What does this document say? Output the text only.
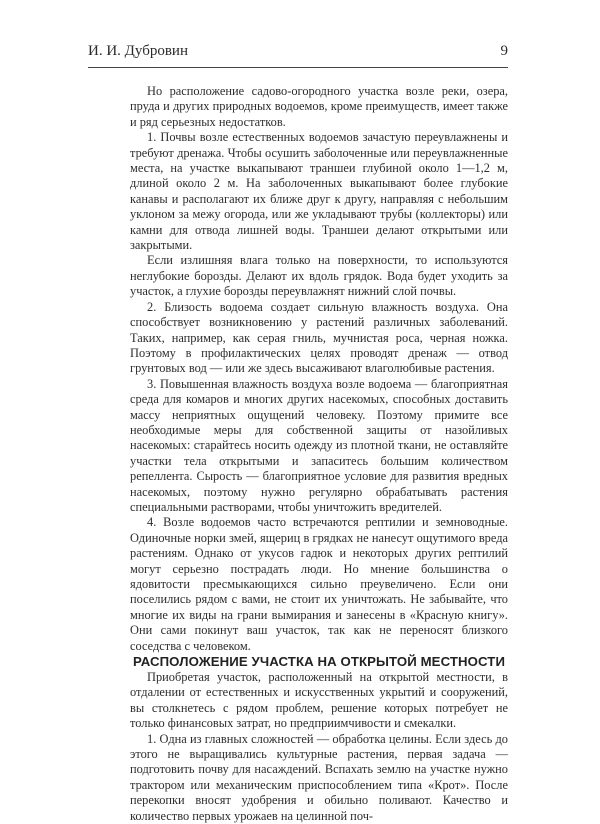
И. И. Дубровин	9

Но расположение садово-огородного участка возле реки, озера, пруда и других природных водоемов, кроме преимуществ, имеет также и ряд серьезных недостатков.

1. Почвы возле естественных водоемов зачастую переувлажнены и требуют дренажа. Чтобы осушить заболоченные или переувлажненные места, на участке выкапывают траншеи глубиной около 1—1,2 м, длиной около 2 м. На заболоченных выкапывают более глубокие канавы и располагают их ближе друг к другу, направляя с небольшим уклоном за межу огорода, или же укладывают трубы (коллекторы) или камни для отвода лишней воды. Траншеи делают открытыми или закрытыми.

Если излишняя влага только на поверхности, то используются неглубокие борозды. Делают их вдоль грядок. Вода будет уходить за участок, а глухие борозды переувлажнят нижний слой почвы.

2. Близость водоема создает сильную влажность воздуха. Она способствует возникновению у растений различных заболеваний. Таких, например, как серая гниль, мучнистая роса, черная ножка. Поэтому в профилактических целях проводят дренаж — отвод грунтовых вод — или же здесь высаживают влаголюбивые растения.

3. Повышенная влажность воздуха возле водоема — благоприятная среда для комаров и многих других насекомых, способных доставить массу неприятных ощущений человеку. Поэтому примите все необходимые меры для собственной защиты от назойливых насекомых: старайтесь носить одежду из плотной ткани, не оставляйте участки тела открытыми и запаситесь большим количеством репеллента. Сырость — благоприятное условие для развития вредных насекомых, поэтому нужно регулярно обрабатывать растения специальными растворами, чтобы уничтожить вредителей.

4. Возле водоемов часто встречаются рептилии и земноводные. Одиночные норки змей, ящериц в грядках не нанесут ощутимого вреда растениям. Однако от укусов гадюк и некоторых других рептилий могут серьезно пострадать люди. Но мнение большинства о ядовитости пресмыкающихся сильно преувеличено. Если они поселились рядом с вами, не стоит их уничтожать. Не забывайте, что многие их виды на грани вымирания и занесены в «Красную книгу». Они сами покинут ваш участок, так как не переносят близкого соседства с человеком.

РАСПОЛОЖЕНИЕ УЧАСТКА НА ОТКРЫТОЙ МЕСТНОСТИ

Приобретая участок, расположенный на открытой местности, в отдалении от естественных и искусственных укрытий и сооружений, вы столкнетесь с рядом проблем, решение которых потребует не только финансовых затрат, но предприимчивости и смекалки.

1. Одна из главных сложностей — обработка целины. Если здесь до этого не выращивались культурные растения, первая задача — подготовить почву для насаждений. Вспахать землю на участке нужно трактором или механическим приспособлением типа «Крот». После перекопки вносят удобрения и обильно поливают. Качество и количество первых урожаев на целинной поч-
